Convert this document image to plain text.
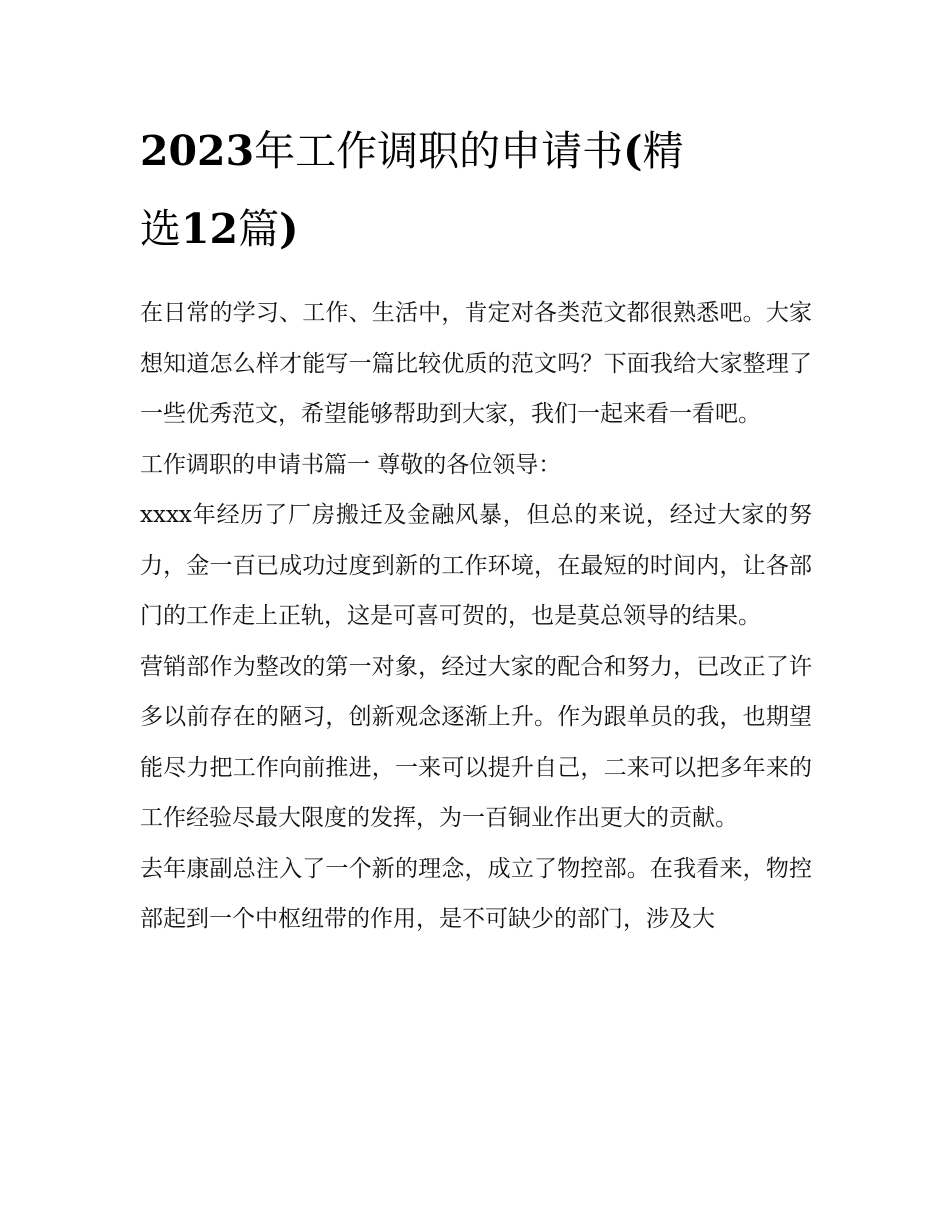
2023年工作调职的申请书(精
选12篇)

在日常的学习、工作、生活中，肯定对各类范文都很熟悉吧。大家想知道怎么样才能写一篇比较优质的范文吗？下面我给大家整理了一些优秀范文，希望能够帮助到大家，我们一起来看一看吧。

工作调职的申请书篇一 尊敬的各位领导：

xxxx年经历了厂房搬迁及金融风暴，但总的来说，经过大家的努力，金一百已成功过度到新的工作环境，在最短的时间内，让各部门的工作走上正轨，这是可喜可贺的，也是莫总领导的结果。

营销部作为整改的第一对象，经过大家的配合和努力，已改正了许多以前存在的陋习，创新观念逐渐上升。作为跟单员的我，也期望能尽力把工作向前推进，一来可以提升自己，二来可以把多年来的工作经验尽最大限度的发挥，为一百铜业作出更大的贡献。

去年康副总注入了一个新的理念，成立了物控部。在我看来，物控部起到一个中枢纽带的作用，是不可缺少的部门，涉及大
